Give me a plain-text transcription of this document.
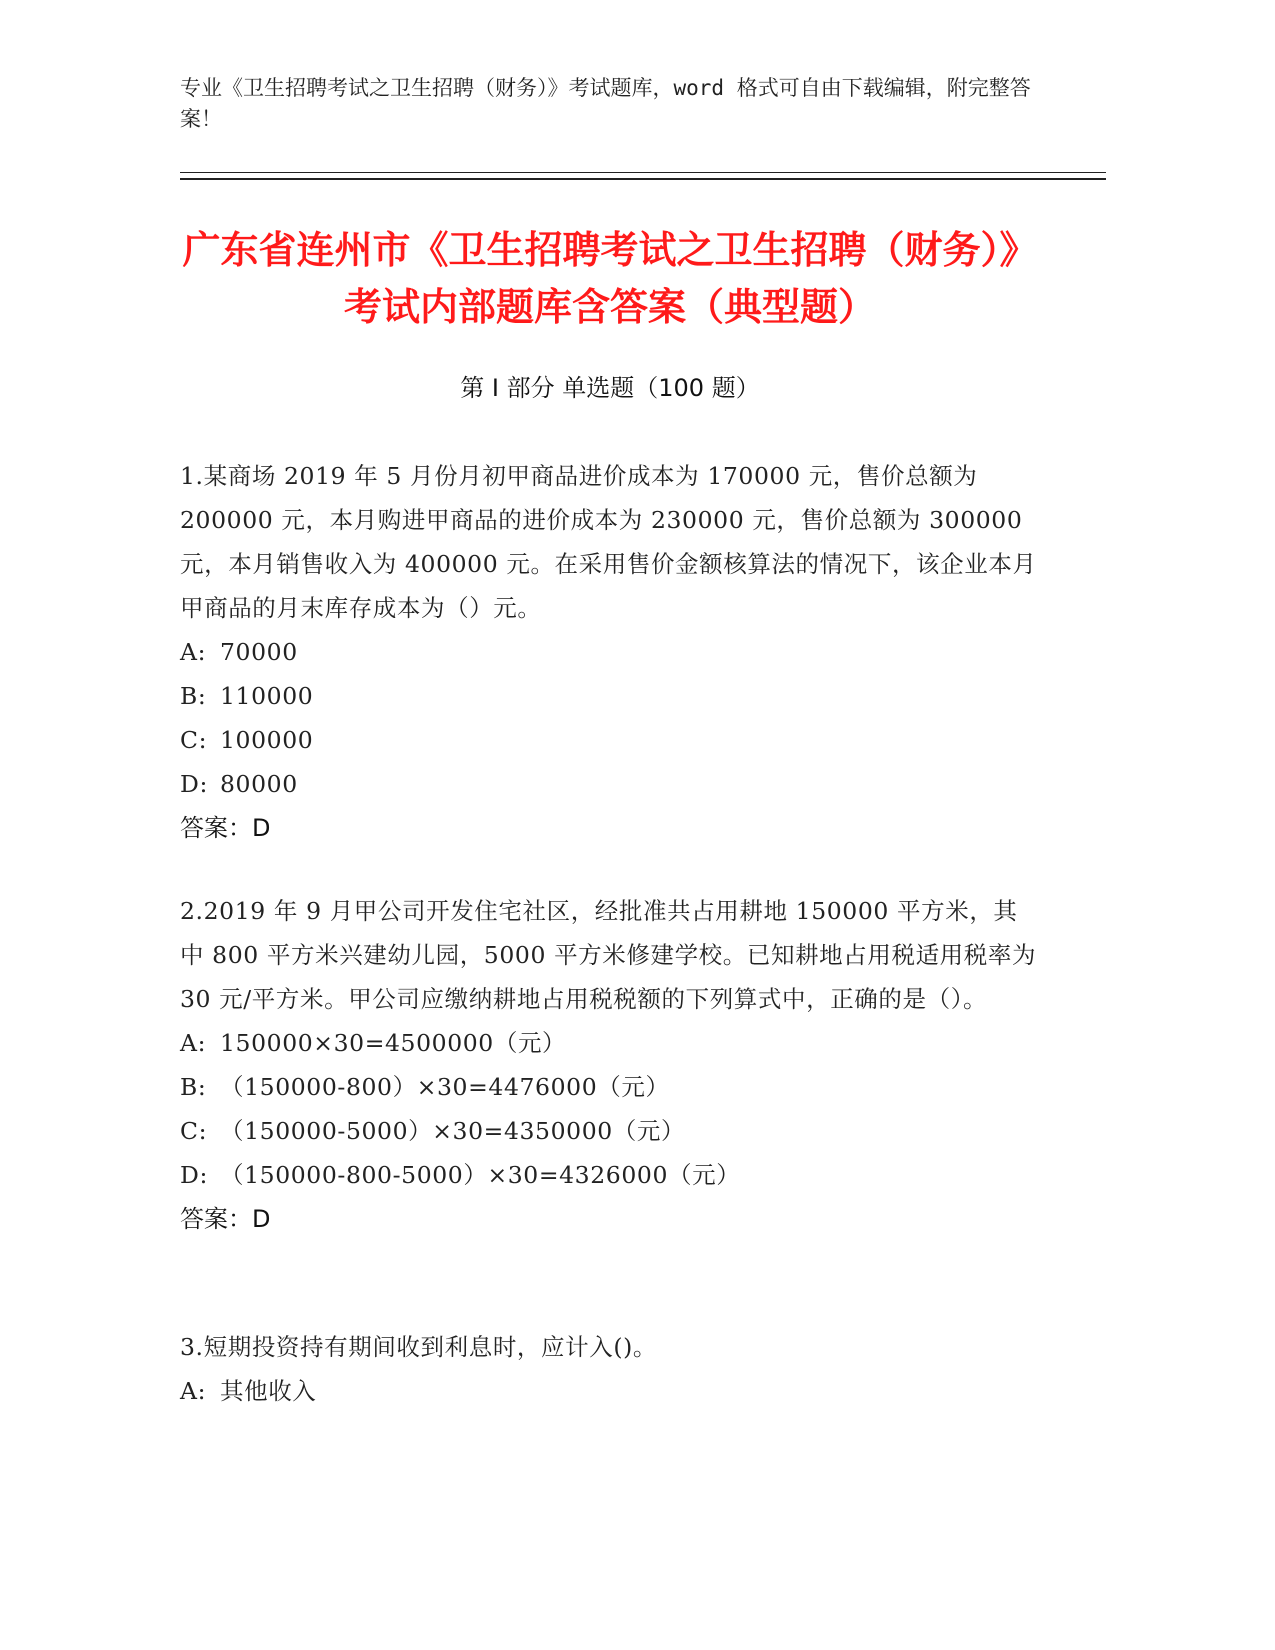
专业《卫生招聘考试之卫生招聘（财务）》考试题库，word 格式可自由下载编辑，附完整答案！
广东省连州市《卫生招聘考试之卫生招聘（财务）》考试内部题库含答案（典型题）
第 I 部分 单选题（100 题）

1.某商场 2019 年 5 月份月初甲商品进价成本为 170000 元，售价总额为 200000 元，本月购进甲商品的进价成本为 230000 元，售价总额为 300000 元，本月销售收入为 400000 元。在采用售价金额核算法的情况下，该企业本月甲商品的月末库存成本为（）元。

A: 70000

B: 110000

C: 100000

D: 80000

答案：D

2.2019 年 9 月甲公司开发住宅社区，经批准共占用耕地 150000 平方米，其中 800 平方米兴建幼儿园，5000 平方米修建学校。已知耕地占用税适用税率为 30 元/平方米。甲公司应缴纳耕地占用税税额的下列算式中，正确的是（）。

A: 150000×30=4500000（元）

B: （150000-800）×30=4476000（元）

C: （150000-5000）×30=4350000（元）

D: （150000-800-5000）×30=4326000（元）

答案：D

3.短期投资持有期间收到利息时，应计入()。

A: 其他收入
